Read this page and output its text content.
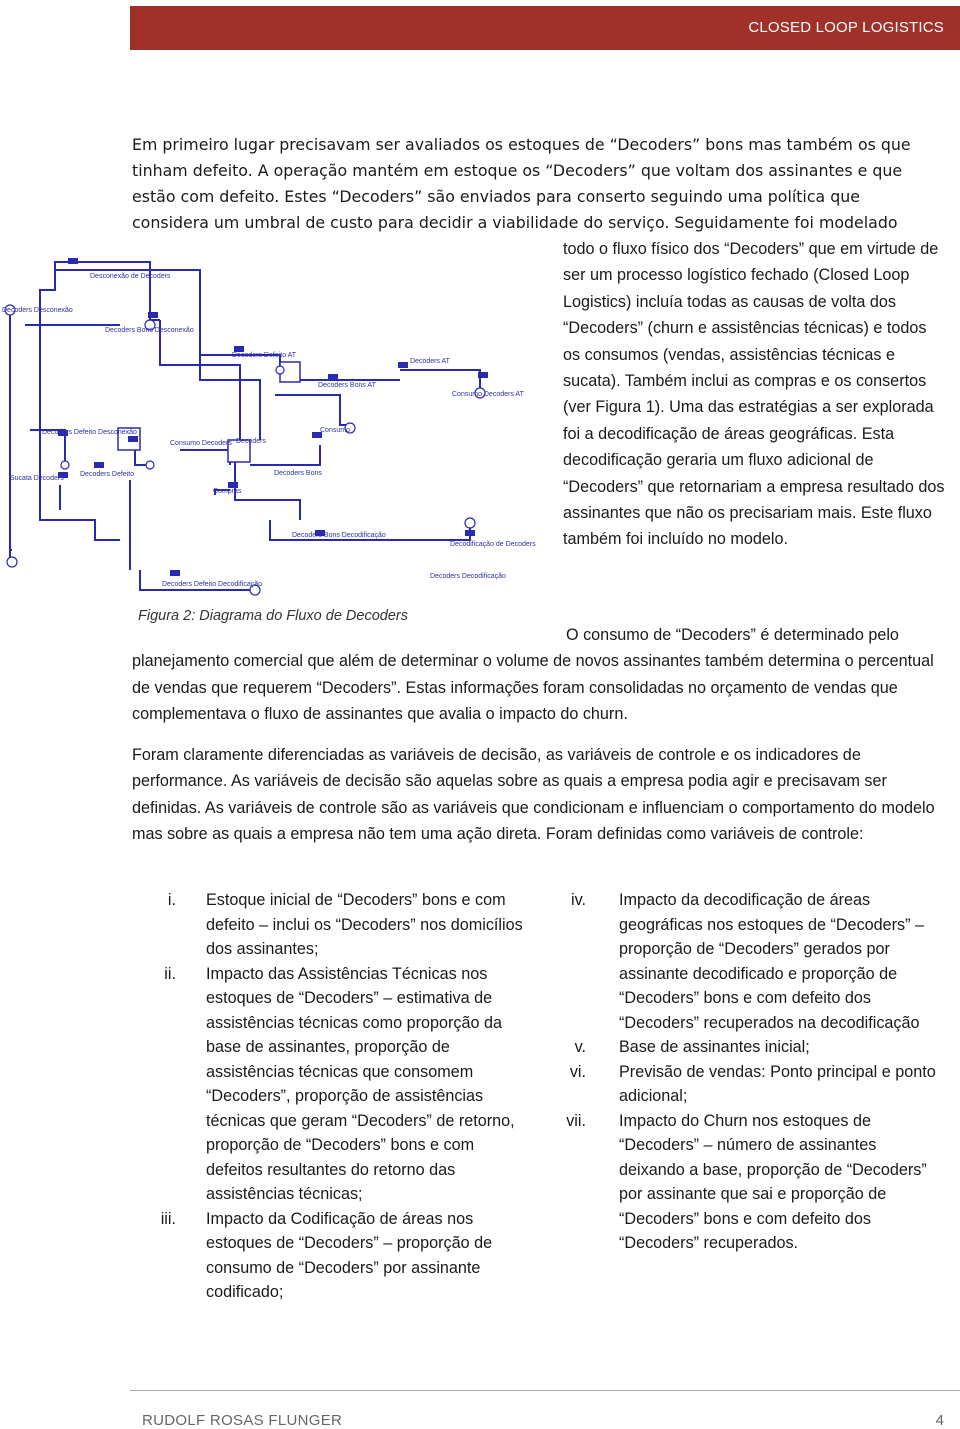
CLOSED LOOP LOGISTICS

Em primeiro lugar precisavam ser avaliados os estoques de “Decoders” bons mas também os que tinham defeito. A operação mantém em estoque os “Decoders” que voltam dos assinantes e que estão com defeito. Estes “Decoders” são enviados para conserto seguindo uma política que considera um umbral de custo para decidir a viabilidade do serviço. Seguidamente foi modelado

todo o fluxo físico dos “Decoders” que em virtude de ser um processo logístico fechado (Closed Loop Logistics) incluía todas as causas de volta dos “Decoders” (churn e assistências técnicas) e todos os consumos (vendas, assistências técnicas e sucata). Também inclui as compras e os consertos (ver Figura 1). Uma das estratégias a ser explorada foi a decodificação de áreas geográficas. Esta decodificação geraria um fluxo adicional de “Decoders” que retornariam a empresa resultado dos assinantes que não os precisariam mais. Este fluxo também foi incluído no modelo.

Desconexão de Decoders
Decoders Desconexão
Decoders Bons Desconexão
Decoders Defeito AT
Decoders AT
Decoders Bons AT
Consumo Decoders AT
Decoders Defeito Desconexão
Consumo Decoders
Consumo
Sucata Decoders
Decoders Defeito
Decoders
Decoders Bons
Compras
Decoders Bons Decodificação
Decodificação de Decoders
Decoders Decodificação
Decoders Defeito Decodificação
Figura 2: Diagrama do Fluxo de Decoders

O consumo de “Decoders” é determinado pelo
planejamento comercial que além de determinar o volume de novos assinantes também determina o percentual de vendas que requerem “Decoders”. Estas informações foram consolidadas no orçamento de vendas que complementava o fluxo de assinantes que avalia o impacto do churn.

Foram claramente diferenciadas as variáveis de decisão, as variáveis de controle e os indicadores de performance. As variáveis de decisão são aquelas sobre as quais a empresa podia agir e precisavam ser definidas. As variáveis de controle são as variáveis que condicionam e influenciam o comportamento do modelo mas sobre as quais a empresa não tem uma ação direta. Foram definidas como variáveis de controle:

i. Estoque inicial de “Decoders” bons e com defeito – inclui os “Decoders” nos domicílios dos assinantes;
ii. Impacto das Assistências Técnicas nos estoques de “Decoders” – estimativa de assistências técnicas como proporção da base de assinantes, proporção de assistências técnicas que consomem “Decoders”, proporção de assistências técnicas que geram “Decoders” de retorno, proporção de “Decoders” bons e com defeitos resultantes do retorno das assistências técnicas;
iii. Impacto da Codificação de áreas nos estoques de “Decoders” – proporção de consumo de “Decoders” por assinante codificado;
iv. Impacto da decodificação de áreas geográficas nos estoques de “Decoders” – proporção de “Decoders” gerados por assinante decodificado e proporção de “Decoders” bons e com defeito dos “Decoders” recuperados na decodificação
v. Base de assinantes inicial;
vi. Previsão de vendas: Ponto principal e ponto adicional;
vii. Impacto do Churn nos estoques de “Decoders” – número de assinantes deixando a base, proporção de “Decoders” por assinante que sai e proporção de “Decoders” bons e com defeito dos “Decoders” recuperados.
RUDOLF ROSAS FLUNGER	4
